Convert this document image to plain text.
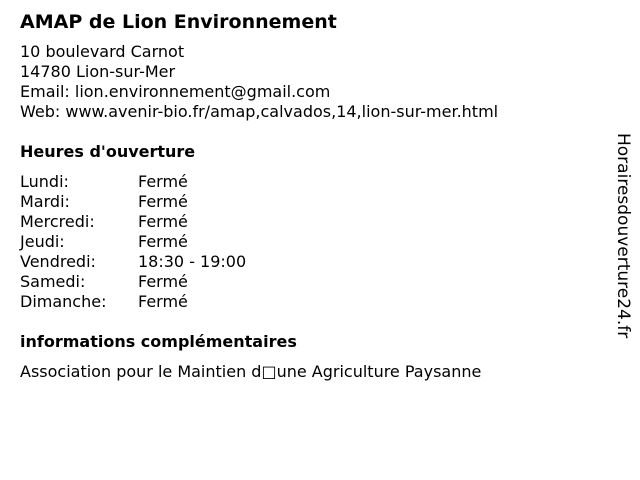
AMAP de Lion Environnement
10 boulevard Carnot
14780 Lion-sur-Mer
Email: lion.environnement@gmail.com
Web: www.avenir-bio.fr/amap,calvados,14,lion-sur-mer.html
Heures d'ouverture
Lundi:	Fermé
Mardi:	Fermé
Mercredi:	Fermé
Jeudi:	Fermé
Vendredi:	18:30 - 19:00
Samedi:	Fermé
Dimanche:	Fermé
informations complémentaires
Association pour le Maintien d□une Agriculture Paysanne
Horairesdouverture24.fr
